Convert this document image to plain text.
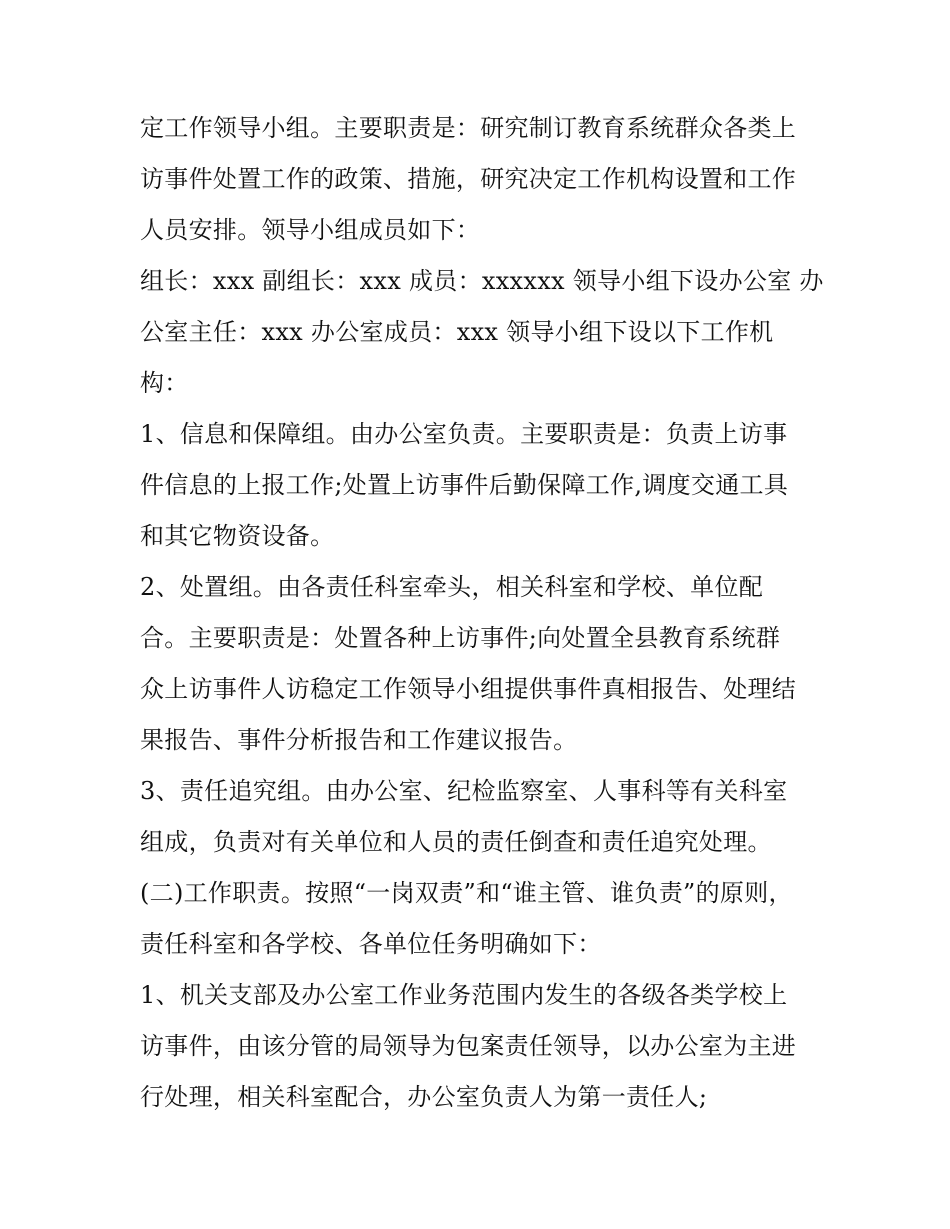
定工作领导小组。主要职责是：研究制订教育系统群众各类上
访事件处置工作的政策、措施，研究决定工作机构设置和工作
人员安排。领导小组成员如下：
组长：xxx 副组长：xxx 成员：xxxxxx 领导小组下设办公室 办
公室主任：xxx 办公室成员：xxx 领导小组下设以下工作机
构：
1、信息和保障组。由办公室负责。主要职责是：负责上访事
件信息的上报工作;处置上访事件后勤保障工作,调度交通工具
和其它物资设备。
2、处置组。由各责任科室牵头，相关科室和学校、单位配
合。主要职责是：处置各种上访事件;向处置全县教育系统群
众上访事件人访稳定工作领导小组提供事件真相报告、处理结
果报告、事件分析报告和工作建议报告。
3、责任追究组。由办公室、纪检监察室、人事科等有关科室
组成，负责对有关单位和人员的责任倒查和责任追究处理。
(二)工作职责。按照“一岗双责”和“谁主管、谁负责”的原则，
责任科室和各学校、各单位任务明确如下：
1、机关支部及办公室工作业务范围内发生的各级各类学校上
访事件，由该分管的局领导为包案责任领导，以办公室为主进
行处理，相关科室配合，办公室负责人为第一责任人;
